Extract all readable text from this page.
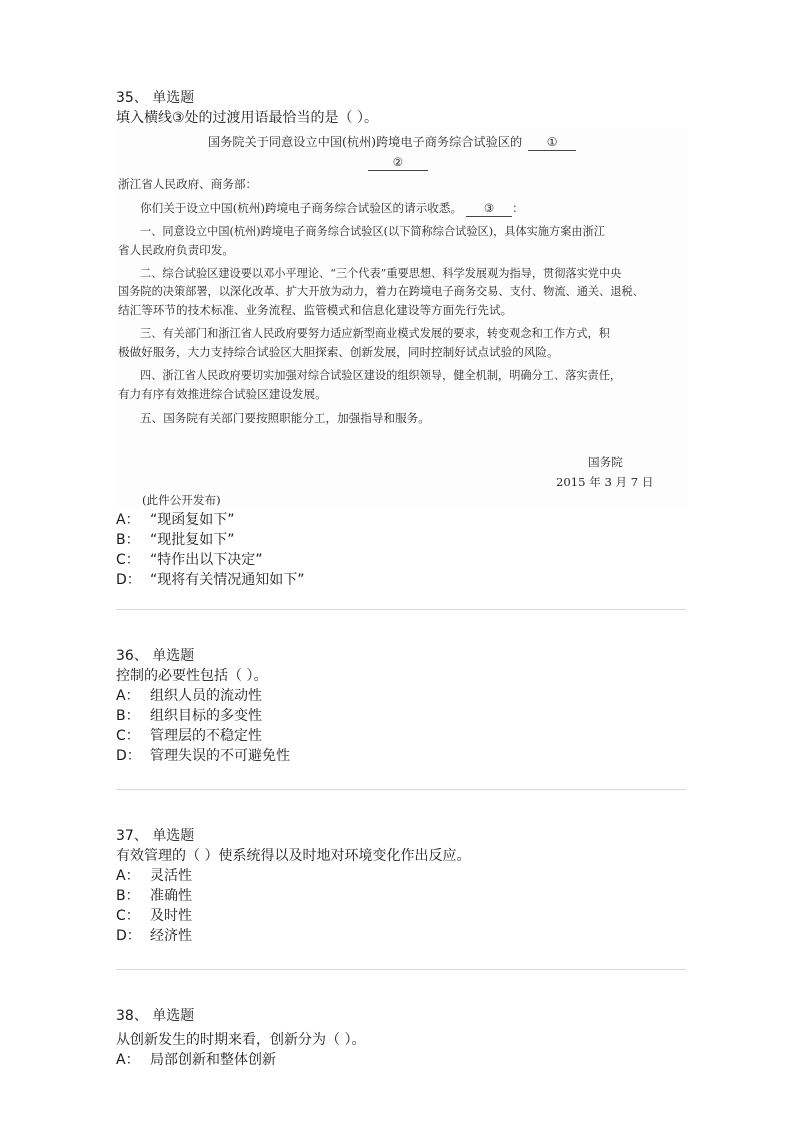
35、 单选题
填入横线③处的过渡用语最恰当的是（ ）。
国务院关于同意设立中国(杭州)跨境电子商务综合试验区的 ①
②
浙江省人民政府、商务部：
你们关于设立中国(杭州)跨境电子商务综合试验区的请示收悉。 ③ ：
一、同意设立中国(杭州)跨境电子商务综合试验区(以下简称综合试验区)，具体实施方案由浙江
省人民政府负责印发。
二、综合试验区建设要以邓小平理论、“三个代表”重要思想、科学发展观为指导，贯彻落实党中央
国务院的决策部署，以深化改革、扩大开放为动力，着力在跨境电子商务交易、支付、物流、通关、退税、
结汇等环节的技术标准、业务流程、监管模式和信息化建设等方面先行先试。
三、有关部门和浙江省人民政府要努力适应新型商业模式发展的要求，转变观念和工作方式，积
极做好服务，大力支持综合试验区大胆探索、创新发展，同时控制好试点试验的风险。
四、浙江省人民政府要切实加强对综合试验区建设的组织领导，健全机制，明确分工、落实责任，
有力有序有效推进综合试验区建设发展。
五、国务院有关部门要按照职能分工，加强指导和服务。
国务院
2015 年 3 月 7 日
(此件公开发布)
A： “现函复如下”
B： “现批复如下”
C： “特作出以下决定”
D： “现将有关情况通知如下”
36、 单选题
控制的必要性包括（ ）。
A： 组织人员的流动性
B： 组织目标的多变性
C： 管理层的不稳定性
D： 管理失误的不可避免性
37、 单选题
有效管理的（ ）使系统得以及时地对环境变化作出反应。
A： 灵活性
B： 准确性
C： 及时性
D： 经济性
38、 单选题
从创新发生的时期来看，创新分为（ ）。
A： 局部创新和整体创新
